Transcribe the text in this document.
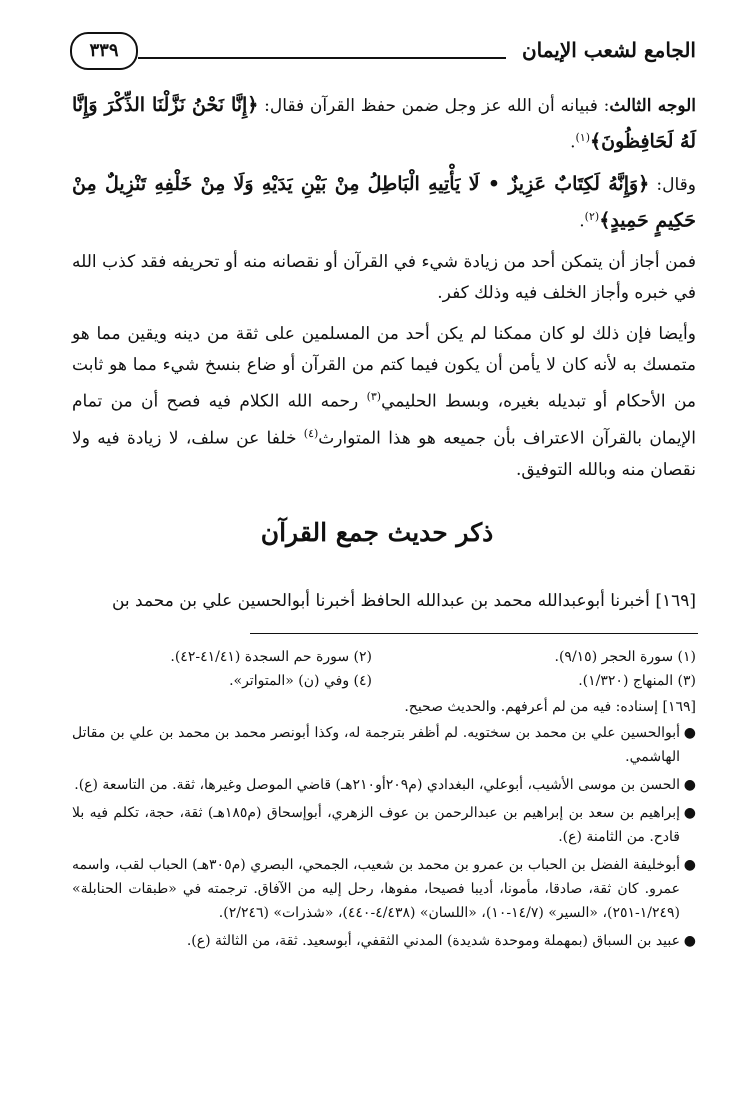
الجامع لشعب الإيمان
٣٣٩

الوجه الثالث: فبيانه أن الله عز وجل ضمن حفظ القرآن فقال: ﴿إِنَّا نَحْنُ نَزَّلْنَا الذِّكْرَ وَإِنَّا لَهُ لَحَافِظُونَ﴾$^{(١)}$.

وقال: ﴿وَإِنَّهُ لَكِتَابٌ عَزِيزٌ • لَا يَأْتِيهِ الْبَاطِلُ مِنْ بَيْنِ يَدَيْهِ وَلَا مِنْ خَلْفِهِ تَنْزِيلٌ مِنْ حَكِيمٍ حَمِيدٍ﴾$^{(٢)}$.

فمن أجاز أن يتمكن أحد من زيادة شيء في القرآن أو نقصانه منه أو تحريفه فقد كذب الله في خبره وأجاز الخلف فيه وذلك كفر.

وأيضا فإن ذلك لو كان ممكنا لم يكن أحد من المسلمين على ثقة من دينه ويقين مما هو متمسك به لأنه كان لا يأمن أن يكون فيما كتم من القرآن أو ضاع بنسخ شيء مما هو ثابت من الأحكام أو تبديله بغيره، وبسط الحليمي$^{(٣)}$ رحمه الله الكلام فيه فصح أن من تمام الإيمان بالقرآن الاعتراف بأن جميعه هو هذا المتوارث$^{(٤)}$ خلفا عن سلف، لا زيادة فيه ولا نقصان منه وبالله التوفيق.

ذكر حديث جمع القرآن
[١٦٩] أخبرنا أبوعبدالله محمد بن عبدالله الحافظ أخبرنا أبوالحسين علي بن محمد بن
(١) سورة الحجر (٩/١٥).
(٢) سورة حم السجدة (٤١/٤١-٤٢).
(٣) المنهاج (١/٣٢٠).
(٤) وفي (ن) «المتواتر».
[١٦٩] إسناده: فيه من لم أعرفهم. والحديث صحيح.
●
أبوالحسين علي بن محمد بن سختويه. لم أظفر بترجمة له، وكذا أبونصر محمد بن محمد بن علي بن مقاتل الهاشمي.
●
الحسن بن موسى الأشيب، أبوعلي، البغدادي (م٢٠٩أو٢١٠هـ) قاضي الموصل وغيرها، ثقة. من التاسعة (ع).
●
إبراهيم بن سعد بن إبراهيم بن عبدالرحمن بن عوف الزهري، أبوإسحاق (م١٨٥هـ) ثقة، حجة، تكلم فيه بلا قادح. من الثامنة (ع).
●
أبوخليفة الفضل بن الحباب بن عمرو بن محمد بن شعيب، الجمحي، البصري (م٣٠٥هـ) الحباب لقب، واسمه عمرو. كان ثقة، صادقا، مأمونا، أديبا فصيحا، مفوها، رحل إليه من الآفاق. ترجمته في «طبقات الحنابلة» (١/٢٤٩-٢٥١)، «السير» (١٤/٧-١٠)، «اللسان» (٤/٤٣٨-٤٤٠)، «شذرات» (٢/٢٤٦).
●
عبيد بن السباق (بمهملة وموحدة شديدة) المدني الثقفي، أبوسعيد. ثقة، من الثالثة (ع).
